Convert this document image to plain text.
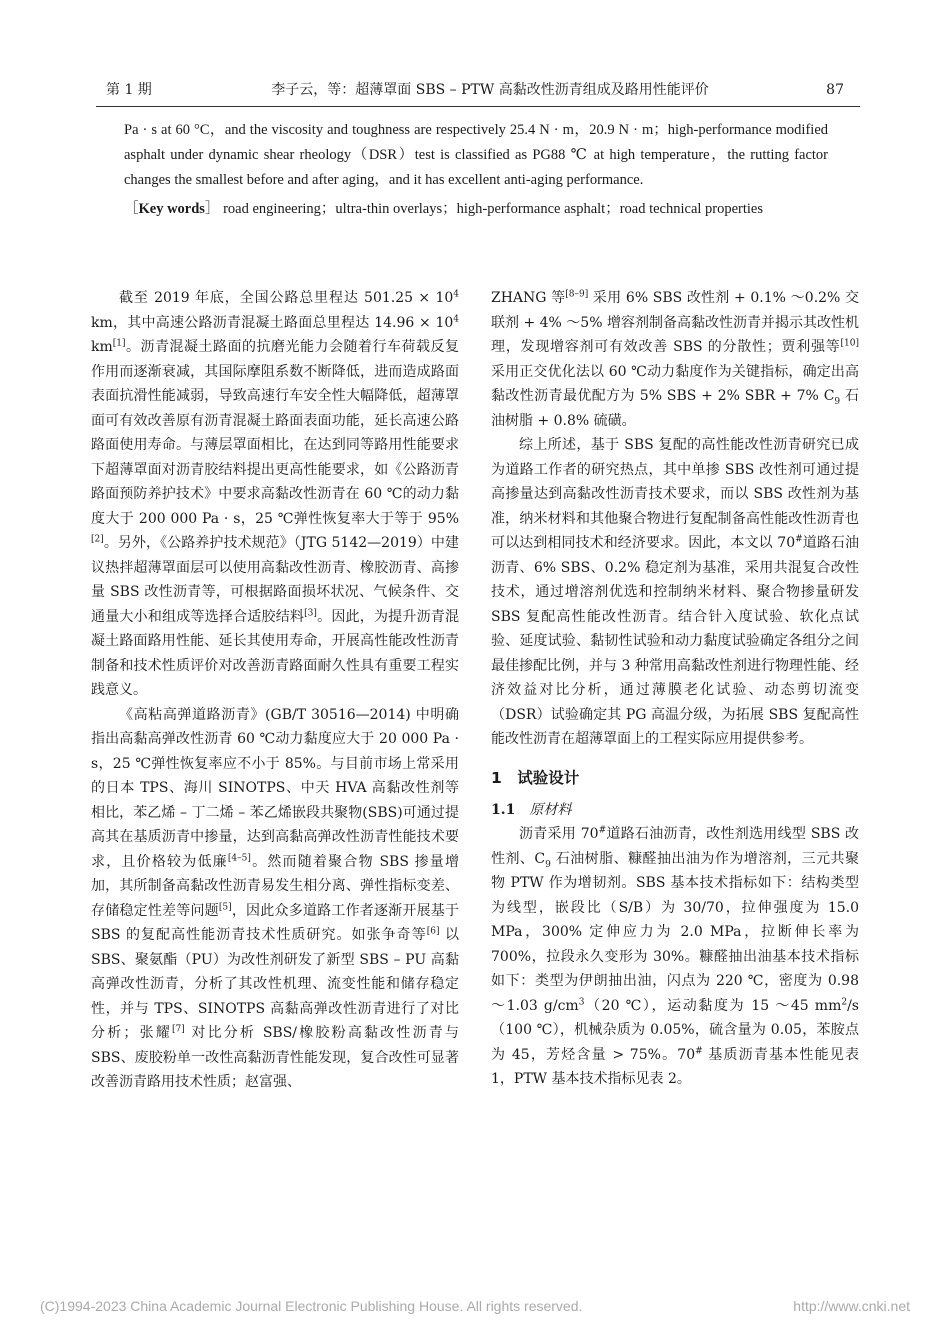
第 1 期	李子云，等：超薄罩面 SBS – PTW 高黏改性沥青组成及路用性能评价	87

Pa · s at 60 °C，and the viscosity and toughness are respectively 25.4 N · m，20.9 N · m；high-performance modified asphalt under dynamic shear rheology（DSR）test is classified as PG88 ℃ at high temperature，the rutting factor changes the smallest before and after aging，and it has excellent anti-aging performance.

［Key words］ road engineering；ultra-thin overlays；high-performance asphalt；road technical properties

截至 2019 年底，全国公路总里程达 $501.25 \times 10^4$ km，其中高速公路沥青混凝土路面总里程达 $14.96 \times 10^4$ km[1]。沥青混凝土路面的抗磨光能力会随着行车荷载反复作用而逐渐衰减，其国际摩阻系数不断降低，进而造成路面表面抗滑性能减弱，导致高速行车安全性大幅降低，超薄罩面可有效改善原有沥青混凝土路面表面功能，延长高速公路路面使用寿命。与薄层罩面相比，在达到同等路用性能要求下超薄罩面对沥青胶结料提出更高性能要求，如《公路沥青路面预防养护技术》中要求高黏改性沥青在 60 ℃的动力黏度大于 200 000 Pa · s，25 ℃弹性恢复率大于等于 95%[2]。另外，《公路养护技术规范》（JTG 5142—2019）中建议热拌超薄罩面层可以使用高黏改性沥青、橡胶沥青、高掺量 SBS 改性沥青等，可根据路面损坏状况、气候条件、交通量大小和组成等选择合适胶结料[3]。因此，为提升沥青混凝土路面路用性能、延长其使用寿命，开展高性能改性沥青制备和技术性质评价对改善沥青路面耐久性具有重要工程实践意义。

《高粘高弹道路沥青》(GB/T 30516—2014) 中明确指出高黏高弹改性沥青 60 ℃动力黏度应大于 20 000 Pa · s，25 ℃弹性恢复率应不小于 85%。与目前市场上常采用的日本 TPS、海川 SINOTPS、中天 HVA 高黏改性剂等相比，苯乙烯 – 丁二烯 – 苯乙烯嵌段共聚物(SBS)可通过提高其在基质沥青中掺量，达到高黏高弹改性沥青性能技术要求，且价格较为低廉[4–5]。然而随着聚合物 SBS 掺量增加，其所制备高黏改性沥青易发生相分离、弹性指标变差、存储稳定性差等问题[5]，因此众多道路工作者逐渐开展基于 SBS 的复配高性能沥青技术性质研究。如张争奇等[6] 以 SBS、聚氨酯（PU）为改性剂研发了新型 SBS – PU 高黏高弹改性沥青，分析了其改性机理、流变性能和储存稳定性，并与 TPS、SINOTPS 高黏高弹改性沥青进行了对比分析；张耀[7] 对比分析 SBS/橡胶粉高黏改性沥青与 SBS、废胶粉单一改性高黏沥青性能发现，复合改性可显著改善沥青路用技术性质；赵富强、

ZHANG 等[8–9] 采用 6% SBS 改性剂 + 0.1% ～0.2% 交联剂 + 4% ～5% 增容剂制备高黏改性沥青并揭示其改性机理，发现增容剂可有效改善 SBS 的分散性；贾利强等[10] 采用正交优化法以 60 ℃动力黏度作为关键指标，确定出高黏改性沥青最优配方为 5% SBS + 2% SBR + 7% $C_9$ 石油树脂 + 0.8% 硫磺。

综上所述，基于 SBS 复配的高性能改性沥青研究已成为道路工作者的研究热点，其中单掺 SBS 改性剂可通过提高掺量达到高黏改性沥青技术要求，而以 SBS 改性剂为基准，纳米材料和其他聚合物进行复配制备高性能改性沥青也可以达到相同技术和经济要求。因此，本文以 70#道路石油沥青、6% SBS、0.2% 稳定剂为基准，采用共混复合改性技术，通过增溶剂优选和控制纳米材料、聚合物掺量研发 SBS 复配高性能改性沥青。结合针入度试验、软化点试验、延度试验、黏韧性试验和动力黏度试验确定各组分之间最佳掺配比例，并与 3 种常用高黏改性剂进行物理性能、经济效益对比分析，通过薄膜老化试验、动态剪切流变（DSR）试验确定其 PG 高温分级，为拓展 SBS 复配高性能改性沥青在超薄罩面上的工程实际应用提供参考。

1　试验设计

1.1 原材料

沥青采用 70#道路石油沥青，改性剂选用线型 SBS 改性剂、$C_9$ 石油树脂、糠醛抽出油为作为增溶剂，三元共聚物 PTW 作为增韧剂。SBS 基本技术指标如下：结构类型为线型，嵌段比（S/B）为 30/70，拉伸强度为 15.0 MPa，300% 定伸应力为 2.0 MPa，拉断伸长率为 700%，拉段永久变形为 30%。糠醛抽出油基本技术指标如下：类型为伊朗抽出油，闪点为 220 ℃，密度为 0.98 ～1.03 $g/cm^3(20$ ℃），运动黏度为 15 ～45 $mm^2/s(100$ ℃），机械杂质为 0.05%，硫含量为 0.05，苯胺点为 45，芳烃含量 > 75%。70# 基质沥青基本性能见表 1，PTW 基本技术指标见表 2。

(C)1994-2023 China Academic Journal Electronic Publishing House. All rights reserved.	http://www.cnki.net
